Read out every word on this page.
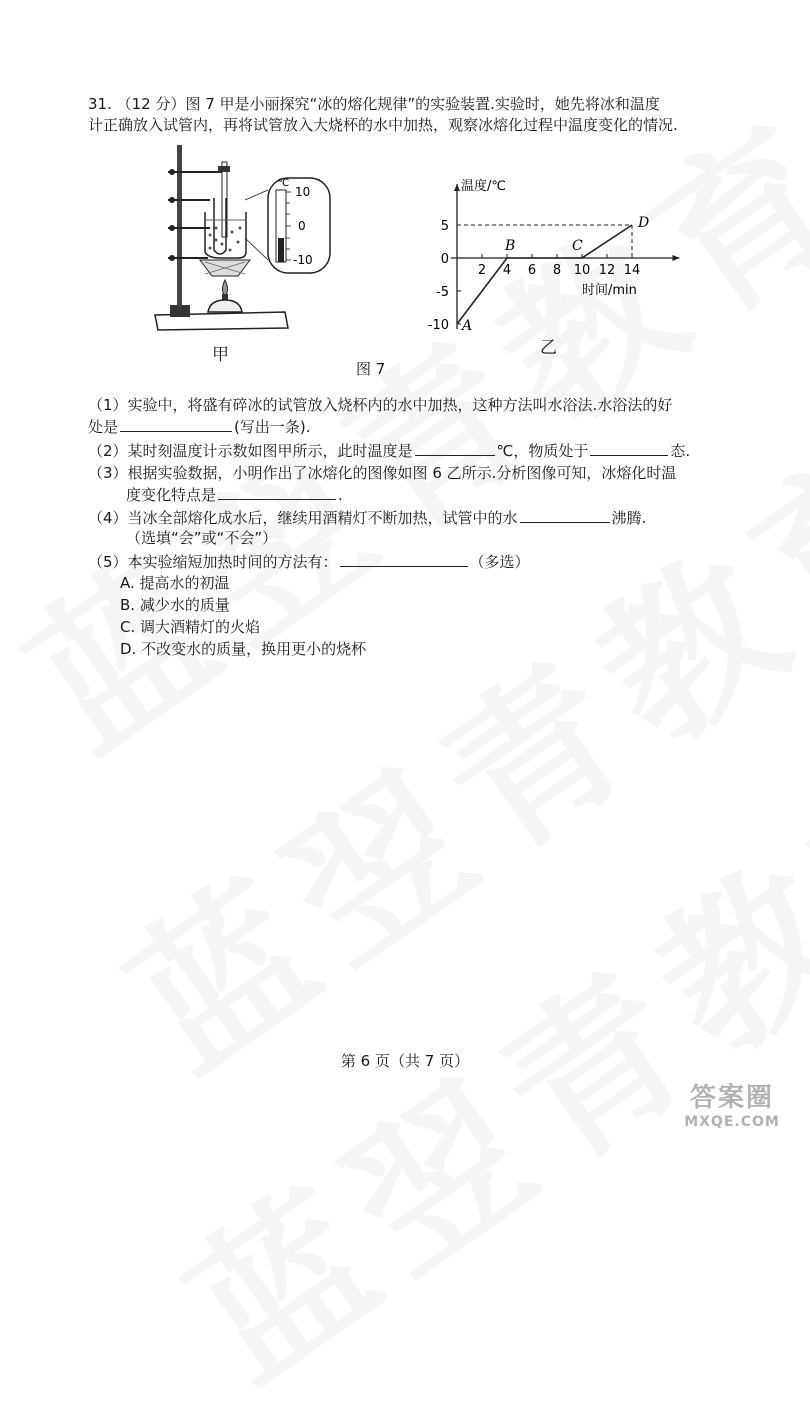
31. （12 分）图 7 甲是小丽探究“冰的熔化规律”的实验装置.实验时，她先将冰和温度
计正确放入试管内，再将试管放入大烧杯的水中加热，观察冰熔化过程中温度变化的情况.
℃
10
0
-10
甲
温度/℃
时间/min
2 4 6 8 10 12 14
5
0
-5
-10 A
B	C
D
乙
图 7
（1）实验中，将盛有碎冰的试管放入烧杯内的水中加热，这种方法叫水浴法.水浴法的好
处是	(写出一条).
（2）某时刻温度计示数如图甲所示，此时温度是	℃，物质处于	态.
（3）根据实验数据，小明作出了冰熔化的图像如图 6 乙所示.分析图像可知，冰熔化时温
度变化特点是	.
（4）当冰全部熔化成水后，继续用酒精灯不断加热，试管中的水	沸腾.
（选填“会”或“不会”）
（5）本实验缩短加热时间的方法有：	（多选）
A. 提高水的初温
B. 减少水的质量
C. 调大酒精灯的火焰
D. 不改变水的质量，换用更小的烧杯
第 6 页（共 7 页）
答案圈
MXQE.COM
